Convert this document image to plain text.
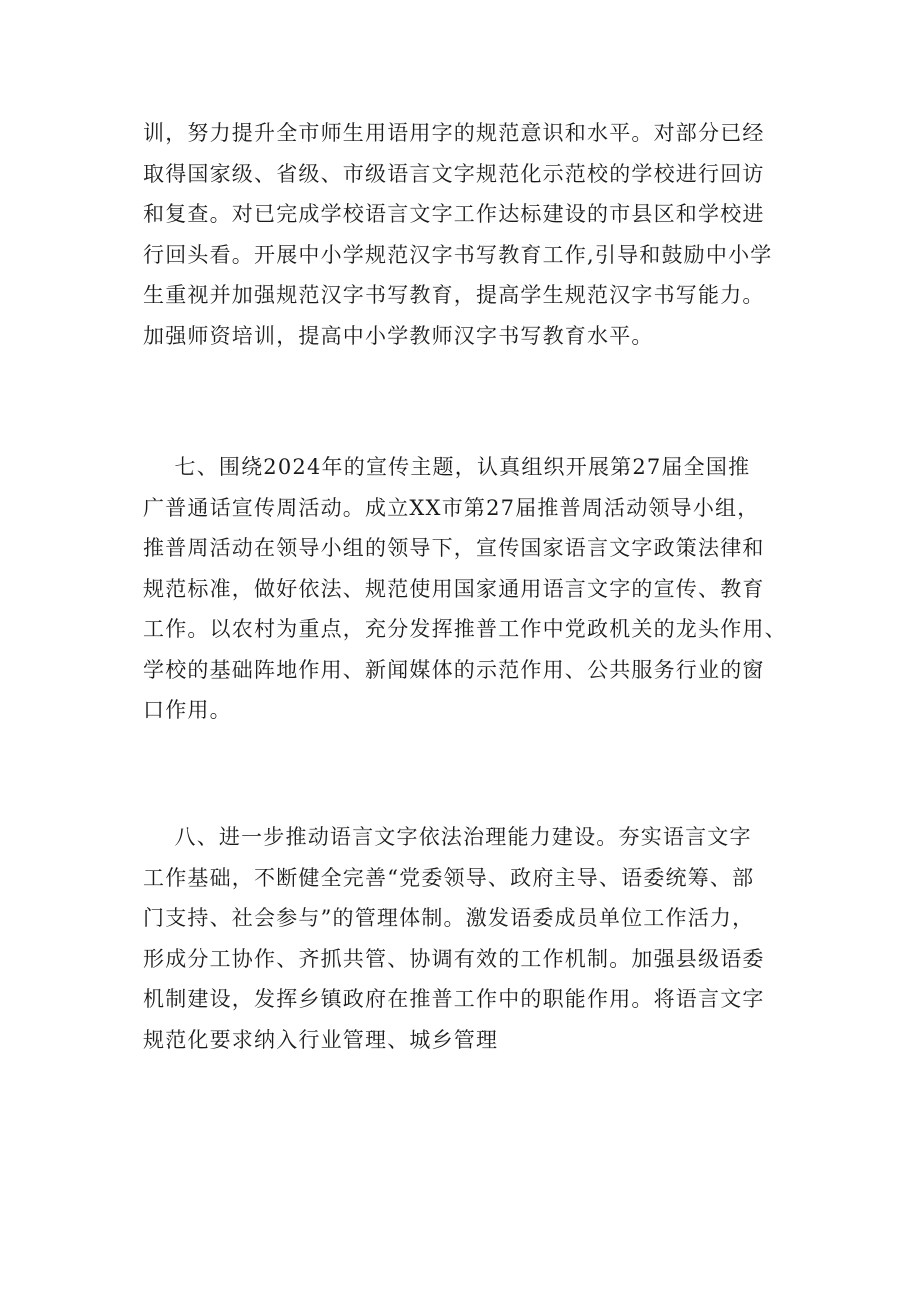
训，努力提升全市师生用语用字的规范意识和水平。对部分已经
取得国家级、省级、市级语言文字规范化示范校的学校进行回访
和复查。对已完成学校语言文字工作达标建设的市县区和学校进
行回头看。开展中小学规范汉字书写教育工作,引导和鼓励中小学
生重视并加强规范汉字书写教育，提高学生规范汉字书写能力。
加强师资培训，提高中小学教师汉字书写教育水平。
七、围绕2024年的宣传主题，认真组织开展第27届全国推
广普通话宣传周活动。成立XX市第27届推普周活动领导小组，
推普周活动在领导小组的领导下，宣传国家语言文字政策法律和
规范标准，做好依法、规范使用国家通用语言文字的宣传、教育
工作。以农村为重点，充分发挥推普工作中党政机关的龙头作用、
学校的基础阵地作用、新闻媒体的示范作用、公共服务行业的窗
口作用。
八、进一步推动语言文字依法治理能力建设。夯实语言文字
工作基础，不断健全完善“党委领导、政府主导、语委统筹、部
门支持、社会参与”的管理体制。激发语委成员单位工作活力，
形成分工协作、齐抓共管、协调有效的工作机制。加强县级语委
机制建设，发挥乡镇政府在推普工作中的职能作用。将语言文字
规范化要求纳入行业管理、城乡管理
